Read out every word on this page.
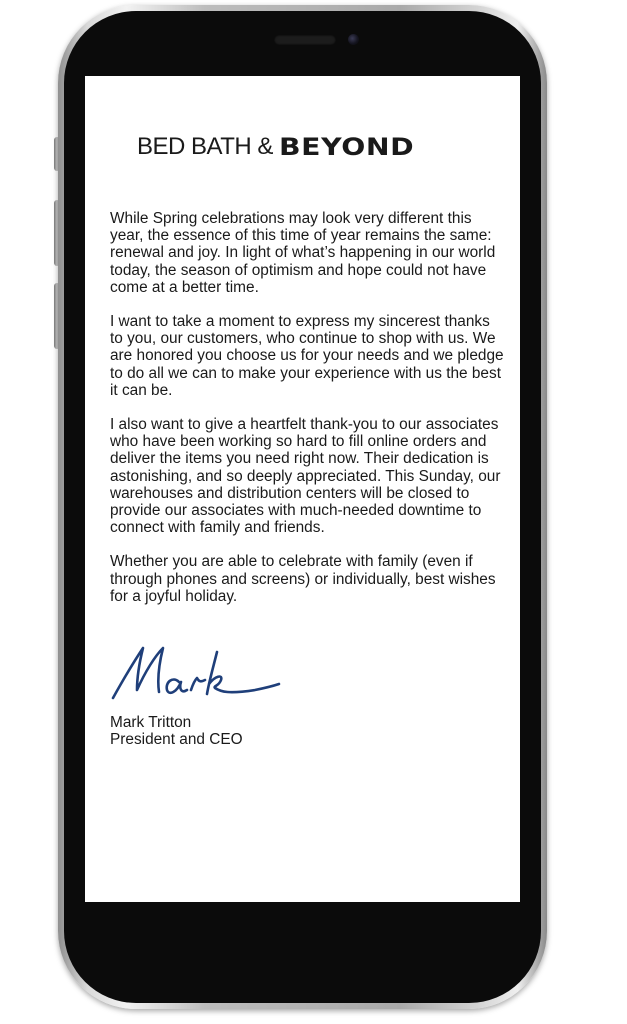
BED BATH & BEYOND

While Spring celebrations may look very different this year, the essence of this time of year remains the same: renewal and joy. In light of what’s happening in our world today, the season of optimism and hope could not have come at a better time.

I want to take a moment to express my sincerest thanks to you, our customers, who continue to shop with us. We are honored you choose us for your needs and we pledge to do all we can to make your experience with us the best it can be.

I also want to give a heartfelt thank-you to our associates who have been working so hard to fill online orders and deliver the items you need right now. Their dedication is astonishing, and so deeply appreciated. This Sunday, our warehouses and distribution centers will be closed to provide our associates with much-needed downtime to connect with family and friends.

Whether you are able to celebrate with family (even if through phones and screens) or individually, best wishes for a joyful holiday.

Mark Tritton
President and CEO
